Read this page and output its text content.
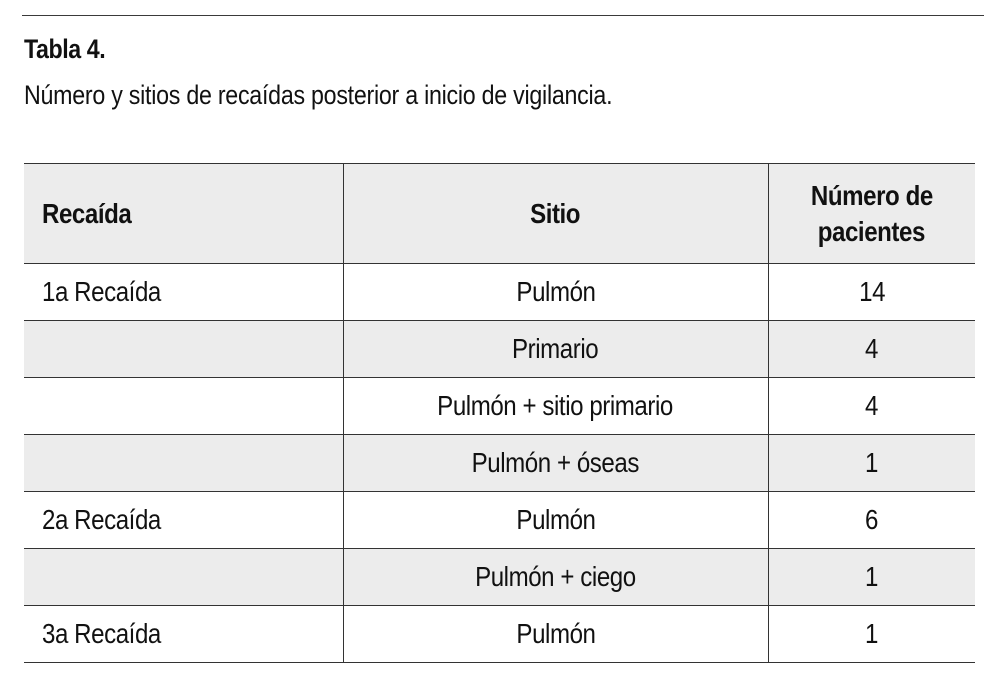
Tabla 4.
Número y sitios de recaídas posterior a inicio de vigilancia.
Recaída	Sitio	Número de
pacientes
1a Recaída	Pulmón	14
	Primario	4
	Pulmón + sitio primario	4
	Pulmón + óseas	1
2a Recaída	Pulmón	6
	Pulmón + ciego	1
3a Recaída	Pulmón	1
